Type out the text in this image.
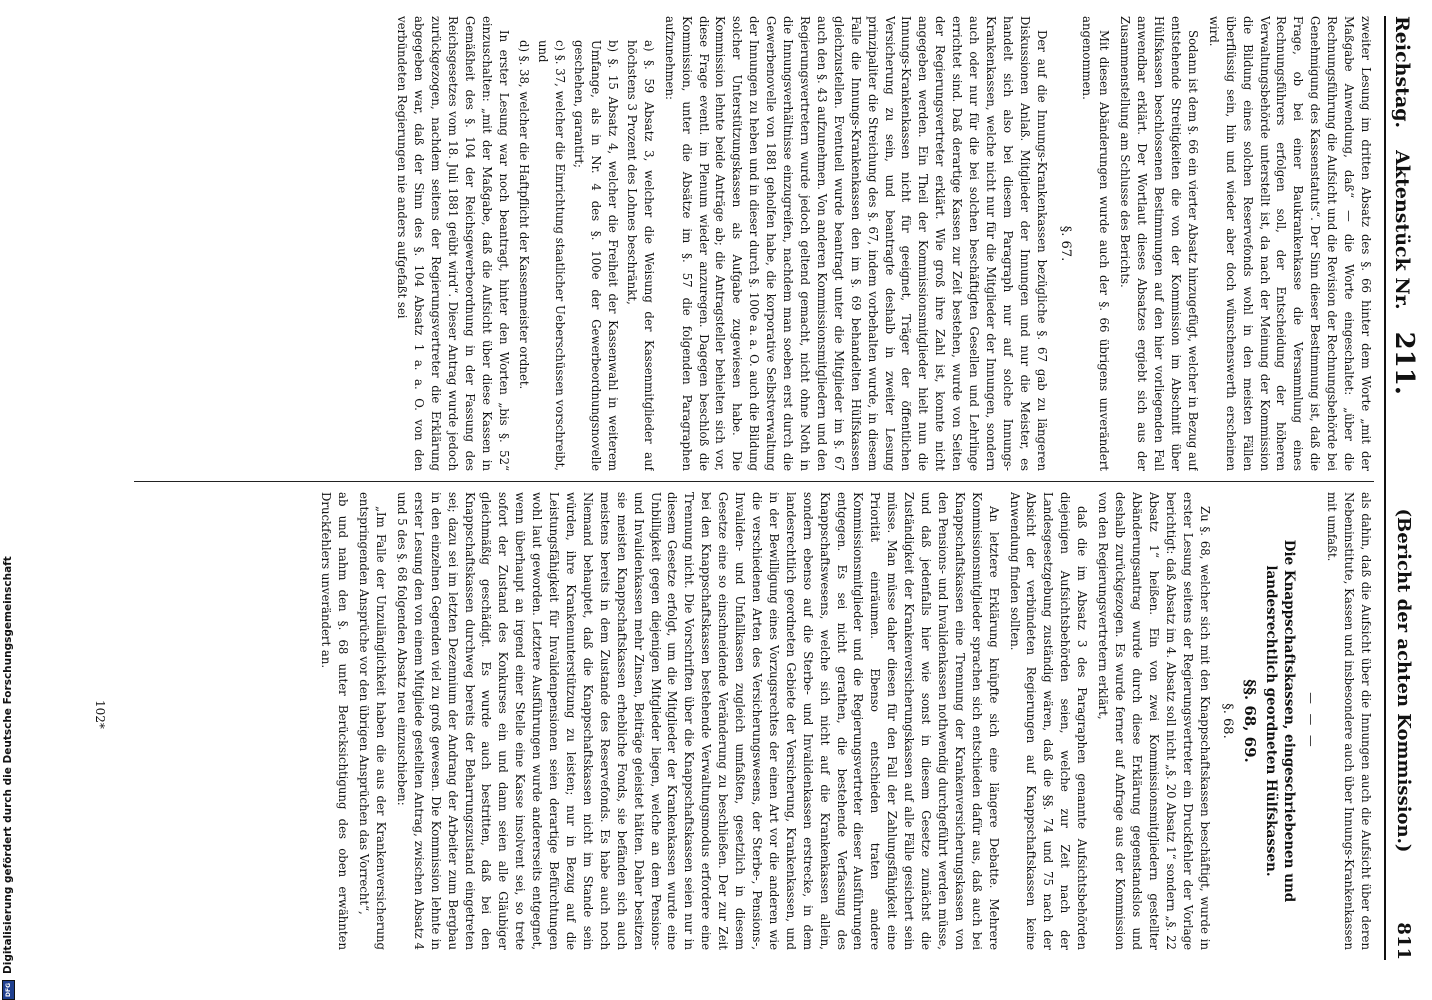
Reichstag.
Aktenstück Nr.
211.
(Bericht der achten Kommission.)
811

zweiter Lesung im dritten Absatz des §. 66 hinter dem Worte „mit der Maßgabe Anwendung, daß“ — die Worte eingeschaltet: „über die Rechnungsführung die Aufsicht und die Revision der Rechnungsbehörde bei Genehmigung des Kassenstatuts“. Der Sinn dieser Bestimmung ist, daß die Frage, ob bei einer Baukrankenkasse die Versammlung eines Rechnungsführers erfolgen soll, der Entscheidung der höheren Verwaltungsbehörde unterstellt ist, da nach der Meinung der Kommission die Bildung eines solchen Reservefonds wohl in den meisten Fällen überflüssig sein, hin und wieder aber doch wünschenswerth erscheinen wird.

Sodann ist dem §. 66 ein vierter Absatz hinzugefügt, welcher in Bezug auf entstehende Streitigkeiten die von der Kommission im Abschnitt über Hülfskassen beschlossenen Bestimmungen auf den hier vorliegenden Fall anwendbar erklärt. Der Wortlaut dieses Absatzes ergiebt sich aus der Zusammenstellung am Schlusse des Berichts.

Mit diesen Abänderungen wurde auch der §. 66 übrigens unverändert angenommen.

§. 67.

Der auf die Innungs-Krankenkassen bezügliche §. 67 gab zu längeren Diskussionen Anlaß. Mitglieder der Innungen und nur die Meister, es handelt sich also bei diesem Paragraph nur auf solche Innungs-Krankenkassen, welche nicht nur für die Mitglieder der Innungen, sondern auch oder nur für die bei solchen beschäftigten Gesellen und Lehrlinge errichtet sind. Daß derartige Kassen zur Zeit bestehen, wurde von Seiten der Regierungsvertreter erklärt. Wie groß ihre Zahl ist, konnte nicht angegeben werden. Ein Theil der Kommissionsmitglieder hielt nun die Innungs-Krankenkassen nicht für geeignet, Träger der öffentlichen Versicherung zu sein, und beantragte deshalb in zweiter Lesung prinzipaliter die Streichung des §. 67, indem vorbehalten wurde, in diesem Falle die Innungs-Krankenkassen den im §. 69 behandelten Hülfskassen gleichzustellen. Eventuell wurde beantragt unter die Mitglieder im §. 67 auch den §. 43 aufzunehmen. Von anderen Kommissionsmitgliedern und den Regierungsvertretern wurde jedoch geltend gemacht, nicht ohne Noth in die Innungsverhältnisse einzugreifen, nachdem man soeben erst durch die Gewerbenovelle von 1881 geholfen habe, die korporative Selbstverwaltung der Innungen zu heben und in dieser durch §. 100e a. a. O. auch die Bildung solcher Unterstützungskassen als Aufgabe zugewiesen habe. Die Kommission lehnte beide Anträge ab; die Antragsteller behielten sich vor, diese Frage eventl. im Plenum wieder anzuregen. Dagegen beschloß die Kommission, unter die Absätze im §. 57 die folgenden Paragraphen aufzunehmen:

a) §. 59 Absatz 3, welcher die Weisung der Kassenmitglieder auf höchstens 3 Prozent des Lohnes beschränkt,
b) §. 15 Absatz 4, welcher die Freiheit der Kassenwahl in weiterem Umfange, als in Nr. 4 des §. 100e der Gewerbeordnungsnovelle geschehen, garantirt;
c) §. 37, welcher die Einrichtung staatlicher Ueberschüssen vorschreibt, und
d) §. 38, welcher die Haftpflicht der Kassenmeister ordnet.

In erster Lesung war noch beantragt, hinter den Worten „bis §. 52“ einzuschalten: „mit der Maßgabe, daß die Aufsicht über diese Kassen in Gemäßheit des §. 104 der Reichsgewerbeordnung in der Fassung des Reichsgesetzes vom 18. Juli 1881 geübt wird“. Dieser Antrag wurde jedoch zurückgezogen, nachdem seitens der Regierungsvertreter die Erklärung abgegeben war, daß der Sinn des §. 104 Absatz 1 a. a. O. von den verbündeten Regierungen nie anders aufgefaßt sei

als dahin, daß die Aufsicht über die Innungen auch die Aufsicht über deren Nebeninstitute, Kassen und insbesondere auch über Innungs-Krankenkassen mit umfaßt.

— — —
Die Knappschaftskassen, eingeschriebenen und landesrechtlich geordneten Hülfskassen.
§§. 68, 69.
§. 68.

Zu §. 68, welcher sich mit den Knappschaftskassen beschäftigt, wurde in erster Lesung seitens der Regierungsvertreter ein Druckfehler der Vorlage berichtigt: daß Absatz im 4. Absatz soll nicht „§. 20 Absatz 1“ sondern „§. 22 Absatz 1“ heißen. Ein von zwei Kommissionsmitgliedern gestellter Abänderungsantrag wurde durch diese Erklärung gegenstandslos und deshalb zurückgezogen. Es wurde ferner auf Anfrage aus der Kommission von den Regierungsvertretern erklärt,

daß die im Absatz 3 des Paragraphen genannte Aufsichtsbehörden diejenigen Aufsichtsbehörden seien, welche zur Zeit nach der Landesgesetzgebung zuständig wären, daß die §§. 74 und 75 nach der Absicht der verbündeten Regierungen auf Knappschaftskassen keine Anwendung finden sollten.

An letztere Erklärung knüpfte sich eine längere Debatte. Mehrere Kommissionsmitglieder sprachen sich entschieden dafür aus, daß auch bei Knappschaftskassen eine Trennung der Krankenversicherungskassen von den Pensions- und Invalidenkassen nothwendig durchgeführt werden müsse, und daß jedenfalls hier wie sonst in diesem Gesetze zunächst die Zuständigkeit der Krankenversicherungskassen auf alle Fälle gesichert sein müsse. Man müsse daher diesen für den Fall der Zahlungsfähigkeit eine Priorität einräumen. Ebenso entschieden traten andere Kommissionsmitglieder und die Regierungsvertreter dieser Ausführungen entgegen. Es sei nicht gerathen, die bestehende Verfassung des Knappschaftswesens, welche sich nicht auf die Krankenkassen allein, sondern ebenso auf die Sterbe- und Invalidenkassen erstrecke, in dem landesrechtlich geordneten Gebiete der Versicherung, Krankenkassen, und in der Bewilligung eines Vorzugsrechtes der einen Art vor die anderen wie die verschiedenen Arten des Versicherungswesens, der Sterbe-, Pensions-, Invaliden- und Unfallkassen zugleich umfaßten, gesetzlich in diesem Gesetze eine so einschneidende Veränderung zu beschließen. Der zur Zeit bei den Knappschaftskassen bestehende Verwaltungsmodus erfordere eine Trennung nicht. Die Vorschriften über die Knappschaftskassen seien nur in diesem Gesetze erfolgt, um die Mitglieder der Krankenkassen wurde eine Unbilligkeit gegen diejenigen Mitglieder liegen, welche an dem Pensions- und Invalidenkassen mehr Zinsen, Beiträge geleistet hätten. Daher besitzen sie meisten Knappschaftskassen erhebliche Fonds, sie befänden sich auch meistens bereits in dem Zustande des Reservefonds. Es habe auch noch Niemand behauptet, daß die Knappschaftskassen nicht im Stande sein würden, ihre Krankenunterstützung zu leisten; nur in Bezug auf die Leistungsfähigkeit für Invalidenpensionen seien derartige Befürchtungen wohl laut geworden. Letztere Ausführungen wurde andererseits entgegnet, wenn überhaupt an irgend einer Stelle eine Kasse insolvent sei, so trete sofort der Zustand des Konkurses ein und dann seien alle Gläubiger gleichmäßig geschädigt. Es wurde auch bestritten, daß bei den Knappschaftskassen durchweg bereits der Beharrungszustand eingetreten sei; dazu sei im letzten Dezennium der Andrang der Arbeiter zum Bergbau in den einzelnen Gegenden viel zu groß gewesen. Die Kommission lehnte in erster Lesung den von einem Mitgliede gestellten Antrag, zwischen Absatz 4 und 5 des §. 68 folgenden Absatz neu einzuschieben:

„Im Falle der Unzulänglichkeit haben die aus der Krankenversicherung entspringenden Ansprüche vor den übrigen Ansprüchen das Vorrecht“,

ab und nahm den §. 68 unter Berücksichtigung des oben erwähnten Druckfehlers unverändert an.

102*
DFG
Digitalisierung gefördert durch die Deutsche Forschungsgemeinschaft
